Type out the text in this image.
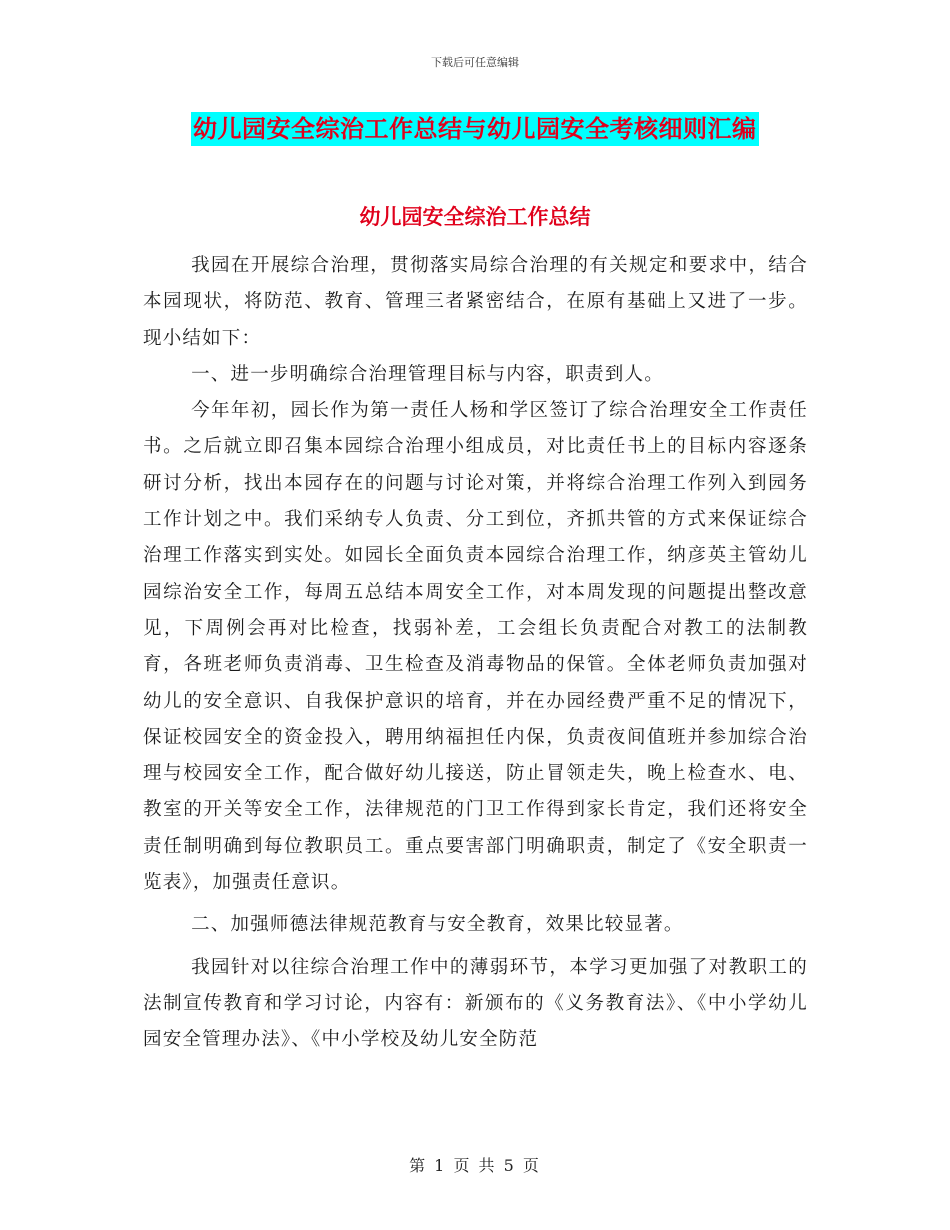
下载后可任意编辑
幼儿园安全综治工作总结与幼儿园安全考核细则汇编
幼儿园安全综治工作总结

我园在开展综合治理，贯彻落实局综合治理的有关规定和要求中，结合本园现状，将防范、教育、管理三者紧密结合，在原有基础上又进了一步。现小结如下：

一、进一步明确综合治理管理目标与内容，职责到人。

今年年初，园长作为第一责任人杨和学区签订了综合治理安全工作责任书。之后就立即召集本园综合治理小组成员，对比责任书上的目标内容逐条研讨分析，找出本园存在的问题与讨论对策，并将综合治理工作列入到园务工作计划之中。我们采纳专人负责、分工到位，齐抓共管的方式来保证综合治理工作落实到实处。如园长全面负责本园综合治理工作，纳彦英主管幼儿园综治安全工作，每周五总结本周安全工作，对本周发现的问题提出整改意见，下周例会再对比检查，找弱补差，工会组长负责配合对教工的法制教育，各班老师负责消毒、卫生检查及消毒物品的保管。全体老师负责加强对幼儿的安全意识、自我保护意识的培育，并在办园经费严重不足的情况下，保证校园安全的资金投入，聘用纳福担任内保，负责夜间值班并参加综合治理与校园安全工作，配合做好幼儿接送，防止冒领走失，晚上检查水、电、教室的开关等安全工作，法律规范的门卫工作得到家长肯定，我们还将安全责任制明确到每位教职员工。重点要害部门明确职责，制定了《安全职责一览表》，加强责任意识。

二、加强师德法律规范教育与安全教育，效果比较显著。

我园针对以往综合治理工作中的薄弱环节，本学习更加强了对教职工的法制宣传教育和学习讨论，内容有：新颁布的《义务教育法》、《中小学幼儿园安全管理办法》、《中小学校及幼儿安全防范

第 1 页 共 5 页
